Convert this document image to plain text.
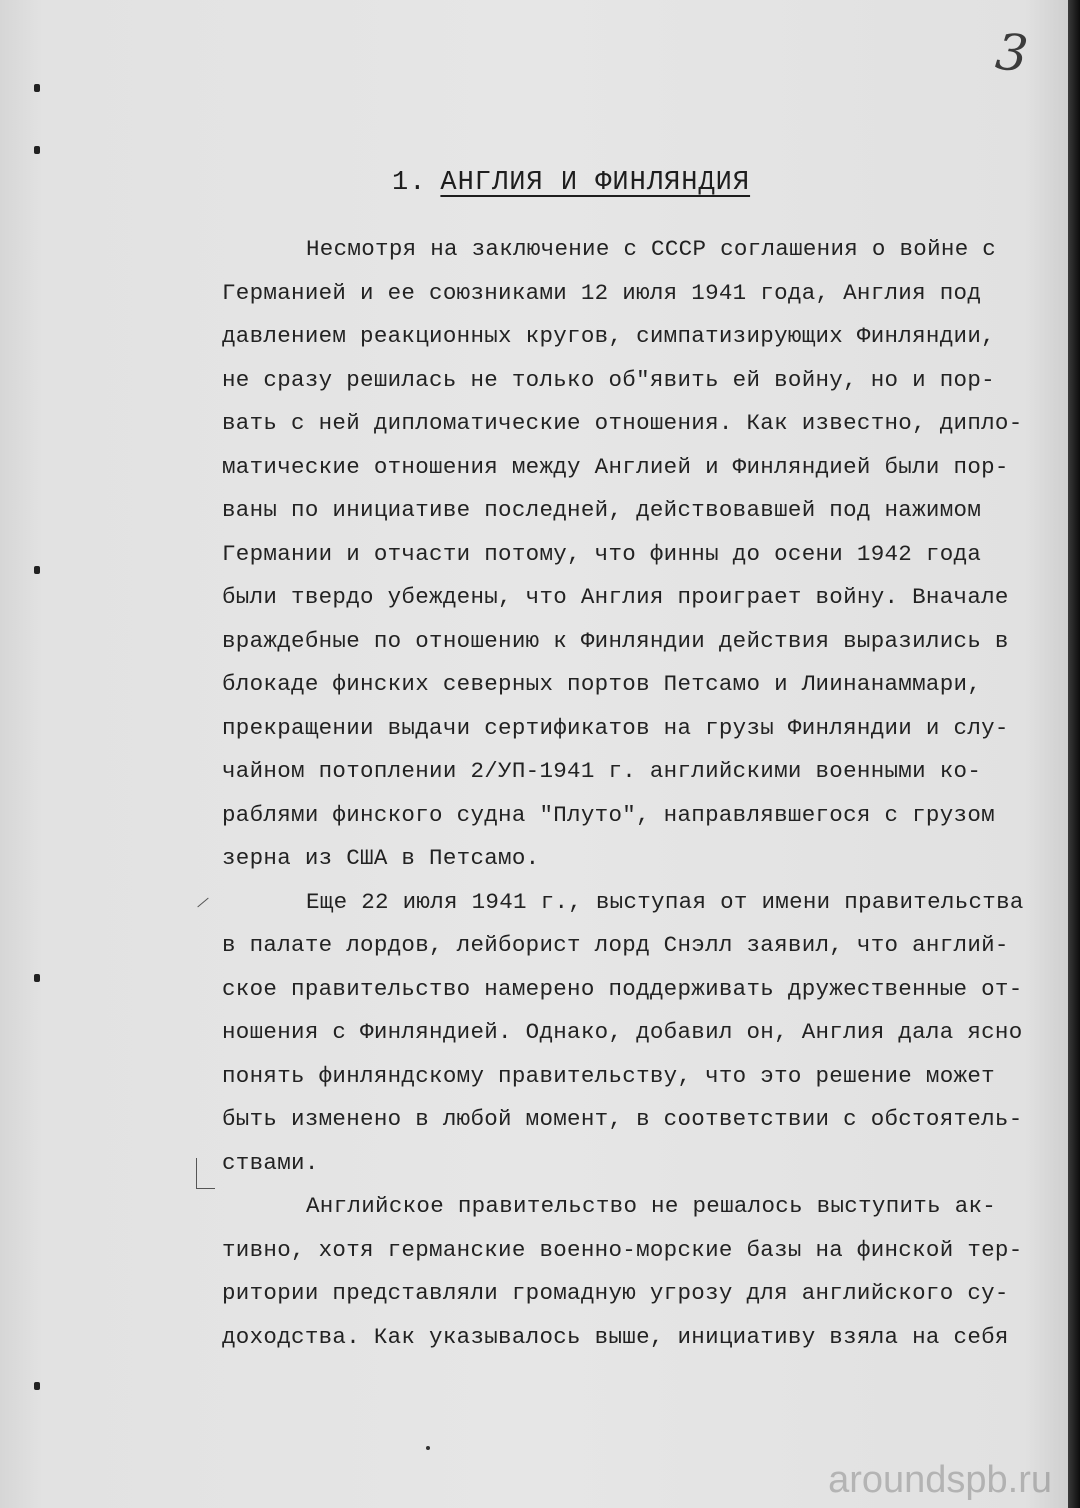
3
1. АНГЛИЯ И ФИНЛЯНДИЯ
Несмотря на заключение с СССР соглашения о войне с
Германией и ее союзниками 12 июля 1941 года, Англия под
давлением реакционных кругов, симпатизирующих Финляндии,
не сразу решилась не только об"явить ей войну, но и пор-
вать с ней дипломатические отношения. Как известно, дипло-
матические отношения между Англией и Финляндией были пор-
ваны по инициативе последней, действовавшей под нажимом
Германии и отчасти потому, что финны до осени 1942 года
были твердо убеждены, что Англия проиграет войну. Вначале
враждебные по отношению к Финляндии действия выразились в
блокаде финских северных портов Петсамо и Лиинанаммари,
прекращении выдачи сертификатов на грузы Финляндии и слу-
чайном потоплении 2/УП-1941 г. английскими военными ко-
раблями финского судна "Плуто", направлявшегося с грузом
зерна из США в Петсамо.
Еще 22 июля 1941 г., выступая от имени правительства
в палате лордов, лейборист лорд Снэлл заявил, что англий-
ское правительство намерено поддерживать дружественные от-
ношения с Финляндией. Однако, добавил он, Англия дала ясно
понять финляндскому правительству, что это решение может
быть изменено в любой момент, в соответствии с обстоятель-
ствами.
Английское правительство не решалось выступить ак-
тивно, хотя германские военно-морские базы на финской тер-
ритории представляли громадную угрозу для английского су-
доходства. Как указывалось выше, инициативу взяла на себя
aroundspb.ru
